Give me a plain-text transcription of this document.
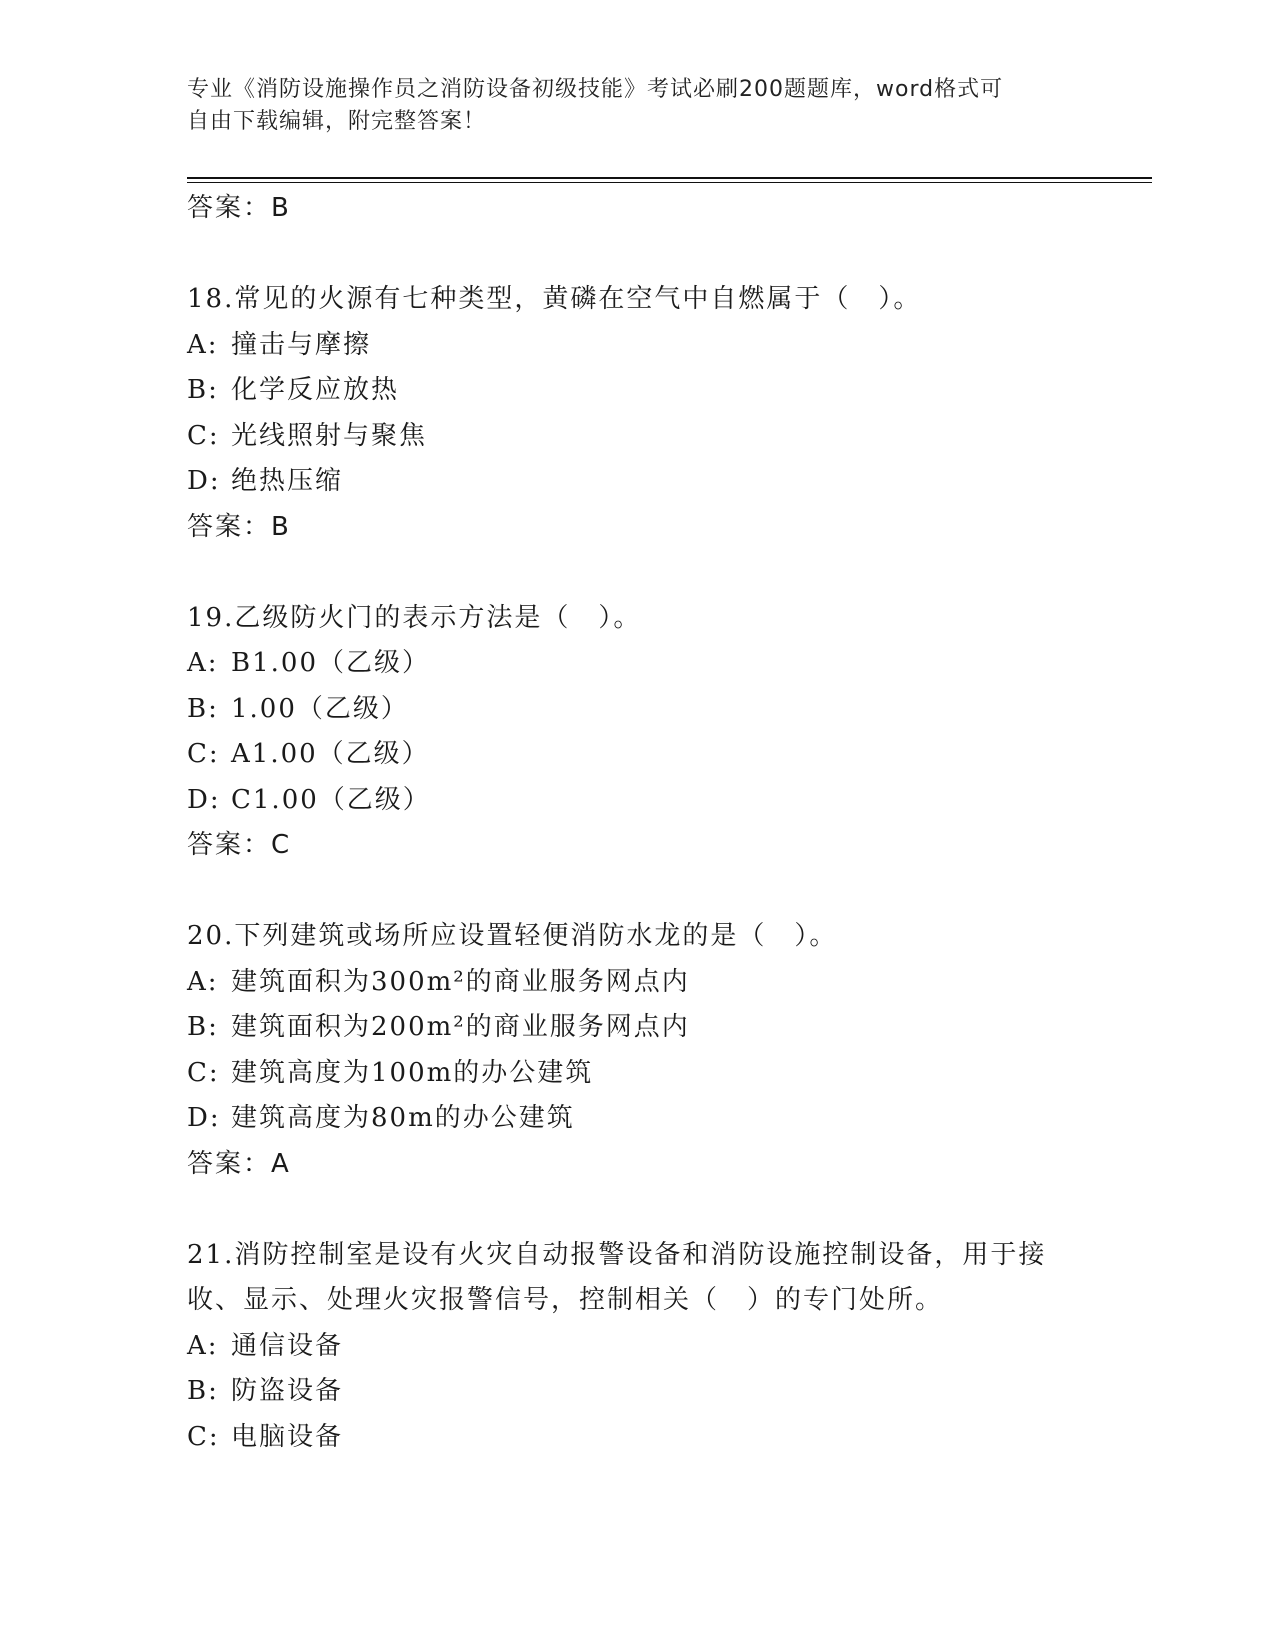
专业《消防设施操作员之消防设备初级技能》考试必刷200题题库，word格式可
自由下载编辑，附完整答案！
答案：B
18.常见的火源有七种类型，黄磷在空气中自燃属于（　）。
A: 撞击与摩擦
B: 化学反应放热
C: 光线照射与聚焦
D: 绝热压缩
答案：B
19.乙级防火门的表示方法是（　）。
A: B1.00（乙级）
B: 1.00（乙级）
C: A1.00（乙级）
D: C1.00（乙级）
答案：C
20.下列建筑或场所应设置轻便消防水龙的是（　）。
A: 建筑面积为300m²的商业服务网点内
B: 建筑面积为200m²的商业服务网点内
C: 建筑高度为100m的办公建筑
D: 建筑高度为80m的办公建筑
答案：A
21.消防控制室是设有火灾自动报警设备和消防设施控制设备，用于接
收、显示、处理火灾报警信号，控制相关（　）的专门处所。
A: 通信设备
B: 防盗设备
C: 电脑设备
